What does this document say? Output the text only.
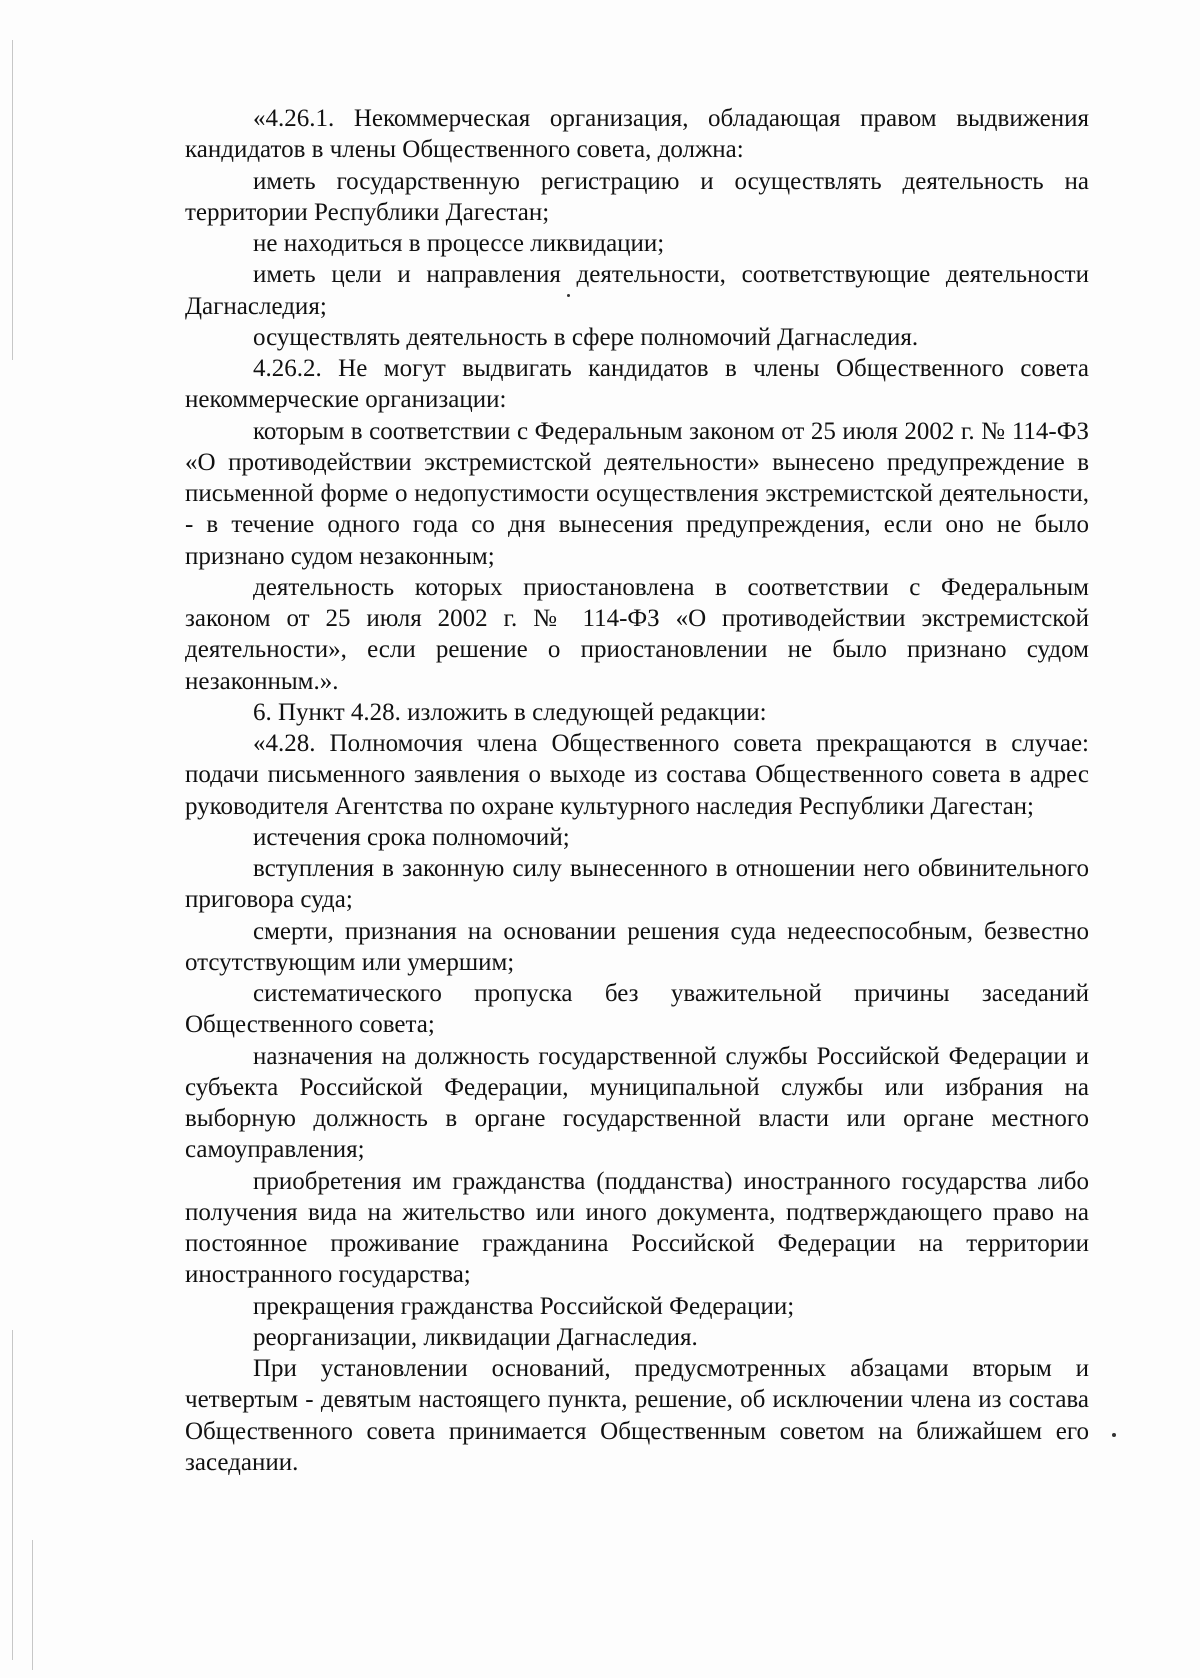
«4.26.1. Некоммерческая организация, обладающая правом выдвижения кандидатов в члены Общественного совета, должна:

иметь государственную регистрацию и осуществлять деятельность на территории Республики Дагестан;

не находиться в процессе ликвидации;

иметь цели и направления деятельности, соответствующие деятельности Дагнаследия;

осуществлять деятельность в сфере полномочий Дагнаследия.

4.26.2. Не могут выдвигать кандидатов в члены Общественного совета некоммерческие организации:

которым в соответствии с Федеральным законом от 25 июля 2002 г. № 114-ФЗ «О противодействии экстремистской деятельности» вынесено предупреждение в письменной форме о недопустимости осуществления экстремистской деятельности, - в течение одного года со дня вынесения предупреждения, если оно не было признано судом незаконным;

деятельность которых приостановлена в соответствии с Федеральным законом от 25 июля 2002 г. № 114-ФЗ «О противодействии экстремистской деятельности», если решение о приостановлении не было признано судом незаконным.».

6. Пункт 4.28. изложить в следующей редакции:

«4.28. Полномочия члена Общественного совета прекращаются в случае: подачи письменного заявления о выходе из состава Общественного совета в адрес руководителя Агентства по охране культурного наследия Республики Дагестан;

истечения срока полномочий;

вступления в законную силу вынесенного в отношении него обвинительного приговора суда;

смерти, признания на основании решения суда недееспособным, безвестно отсутствующим или умершим;

систематического пропуска без уважительной причины заседаний Общественного совета;

назначения на должность государственной службы Российской Федерации и субъекта Российской Федерации, муниципальной службы или избрания на выборную должность в органе государственной власти или органе местного самоуправления;

приобретения им гражданства (подданства) иностранного государства либо получения вида на жительство или иного документа, подтверждающего право на постоянное проживание гражданина Российской Федерации на территории иностранного государства;

прекращения гражданства Российской Федерации;

реорганизации, ликвидации Дагнаследия.

При установлении оснований, предусмотренных абзацами вторым и четвертым - девятым настоящего пункта, решение, об исключении члена из состава Общественного совета принимается Общественным советом на ближайшем его заседании.
